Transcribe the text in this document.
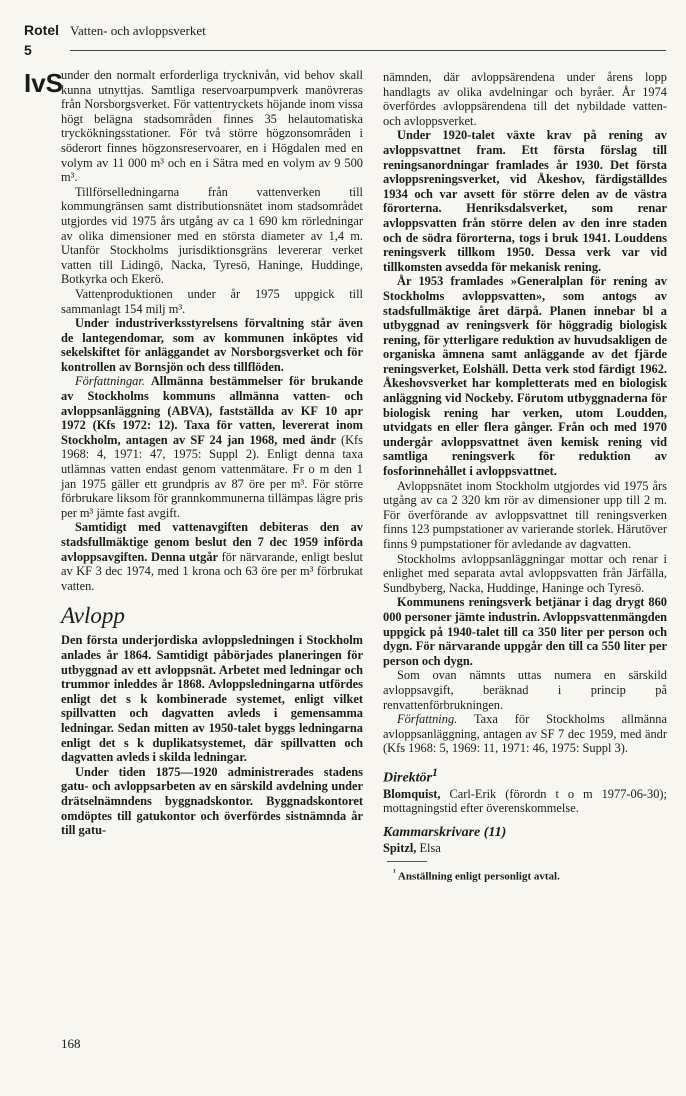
Rotel Vatten- och avloppsverket
5
IvS

under den normalt erforderliga trycknivån, vid behov skall kunna utnyttjas. Samtliga reservoarpumpverk manövreras från Norsborgsverket. För vattentryckets höjande inom vissa högt belägna stadsområden finnes 35 helautomatiska tryckökningsstationer. För två större högzonsområden i söderort finnes högzonsreservoarer, en i Högdalen med en volym av 11 000 m³ och en i Sätra med en volym av 9 500 m³.

Tillförselledningarna från vattenverken till kommungränsen samt distributionsnätet inom stadsområdet utgjordes vid 1975 års utgång av ca 1 690 km rörledningar av olika dimensioner med en största diameter av 1,4 m. Utanför Stockholms jurisdiktionsgräns levererar verket vatten till Lidingö, Nacka, Tyresö, Haninge, Huddinge, Botkyrka och Ekerö.

Vattenproduktionen under år 1975 uppgick till sammanlagt 154 milj m³.

Under industriverksstyrelsens förvaltning står även de lantegendomar, som av kommunen inköptes vid sekelskiftet för anläggandet av Norsborgsverket och för kontrollen av Bornsjön och dess tillflöden.

Författningar. Allmänna bestämmelser för brukande av Stockholms kommuns allmänna vatten- och avloppsanläggning (ABVA), fastställda av KF 10 apr 1972 (Kfs 1972: 12). Taxa för vatten, levererat inom Stockholm, antagen av SF 24 jan 1968, med ändr (Kfs 1968: 4, 1971: 47, 1975: Suppl 2). Enligt denna taxa utlämnas vatten endast genom vattenmätare. Fr o m den 1 jan 1975 gäller ett grundpris av 87 öre per m³. För större förbrukare liksom för grannkommunerna tillämpas lägre pris per m³ jämte fast avgift.

Samtidigt med vattenavgiften debiteras den av stadsfullmäktige genom beslut den 7 dec 1959 införda avloppsavgiften. Denna utgår för närvarande, enligt beslut av KF 3 dec 1974, med 1 krona och 63 öre per m³ förbrukat vatten.

Avlopp

Den första underjordiska avloppsledningen i Stockholm anlades år 1864. Samtidigt påbörjades planeringen för utbyggnad av ett avloppsnät. Arbetet med ledningar och trummor inleddes år 1868. Avloppsledningarna utfördes enligt det s k kombinerade systemet, enligt vilket spillvatten och dagvatten avleds i gemensamma ledningar. Sedan mitten av 1950-talet byggs ledningarna enligt det s k duplikatsystemet, där spillvatten och dagvatten avleds i skilda ledningar.

Under tiden 1875—1920 administrerades stadens gatu- och avloppsarbeten av en särskild avdelning under drätselnämndens byggnadskontor. Byggnadskontoret omdöptes till gatukontor och överfördes sistnämnda år till gatu-

nämnden, där avloppsärendena under årens lopp handlagts av olika avdelningar och byråer. År 1974 överfördes avloppsärendena till det nybildade vatten- och avloppsverket.

Under 1920-talet växte krav på rening av avloppsvattnet fram. Ett första förslag till reningsanordningar framlades år 1930. Det första avloppsreningsverket, vid Åkeshov, färdigställdes 1934 och var avsett för större delen av de västra förorterna. Henriksdalsverket, som renar avloppsvatten från större delen av den inre staden och de södra förorterna, togs i bruk 1941. Louddens reningsverk tillkom 1950. Dessa verk var vid tillkomsten avsedda för mekanisk rening.

År 1953 framlades »Generalplan för rening av Stockholms avloppsvatten», som antogs av stadsfullmäktige året därpå. Planen innebar bl a utbyggnad av reningsverk för höggradig biologisk rening, för ytterligare reduktion av huvudsakligen de organiska ämnena samt anläggande av det fjärde reningsverket, Eolshäll. Detta verk stod färdigt 1962. Åkeshovsverket har kompletterats med en biologisk anläggning vid Nockeby. Förutom utbyggnaderna för biologisk rening har verken, utom Loudden, utvidgats en eller flera gånger. Från och med 1970 undergår avloppsvattnet även kemisk rening vid samtliga reningsverk för reduktion av fosforinnehållet i avloppsvattnet.

Avloppsnätet inom Stockholm utgjordes vid 1975 års utgång av ca 2 320 km rör av dimensioner upp till 2 m. För överförande av avloppsvattnet till reningsverken finns 123 pumpstationer av varierande storlek. Härutöver finns 9 pumpstationer för avledande av dagvatten.

Stockholms avloppsanläggningar mottar och renar i enlighet med separata avtal avloppsvatten från Järfälla, Sundbyberg, Nacka, Huddinge, Haninge och Tyresö.

Kommunens reningsverk betjänar i dag drygt 860 000 personer jämte industrin. Avloppsvattenmängden uppgick på 1940-talet till ca 350 liter per person och dygn. För närvarande uppgår den till ca 550 liter per person och dygn.

Som ovan nämnts uttas numera en särskild avloppsavgift, beräknad i princip på renvattenförbrukningen.

Författning. Taxa för Stockholms allmänna avloppsanläggning, antagen av SF 7 dec 1959, med ändr (Kfs 1968: 5, 1969: 11, 1971: 46, 1975: Suppl 3).

Direktör$^1$

Blomquist, Carl-Erik (förordn t o m 1977-06-30); mottagningstid efter överenskommelse.

Kammarskrivare (11)

Spitzl, Elsa

$^{^1}$ Anställning enligt personligt avtal.

168
